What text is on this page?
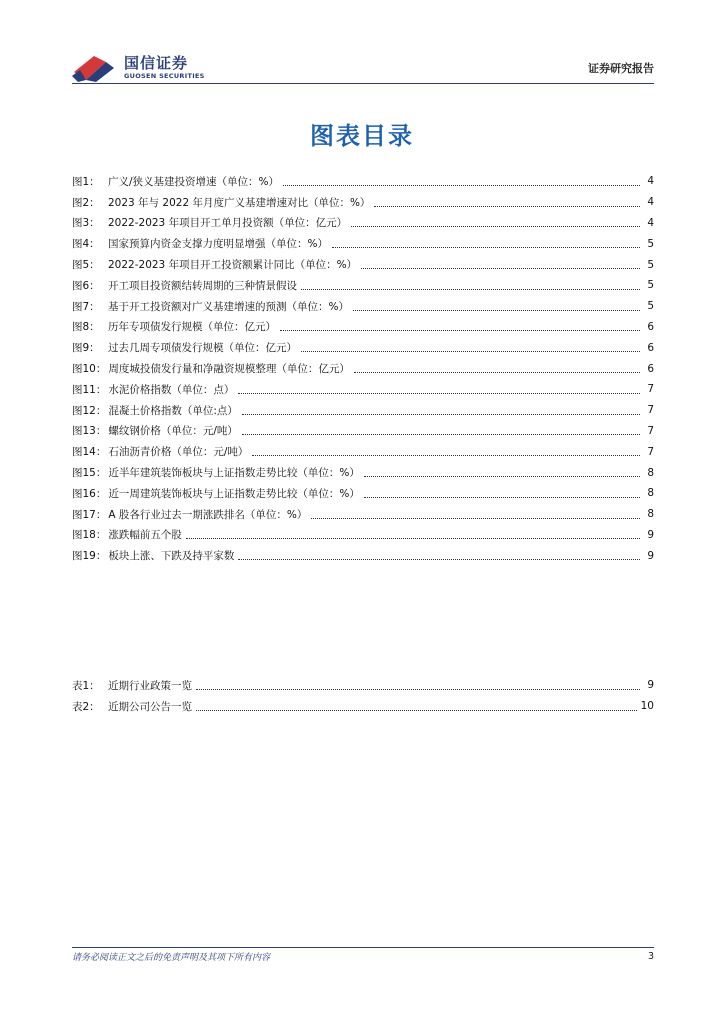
国信证券
GUOSEN SECURITIES
证券研究报告
图表目录
图1： 广义/狭义基建投资增速（单位：%）	4
图2： 2023 年与 2022 年月度广义基建增速对比（单位：%）	4
图3： 2022-2023 年项目开工单月投资额（单位：亿元）	4
图4： 国家预算内资金支撑力度明显增强（单位：%）	5
图5： 2022-2023 年项目开工投资额累计同比（单位：%）	5
图6： 开工项目投资额结转周期的三种情景假设	5
图7： 基于开工投资额对广义基建增速的预测（单位：%）	5
图8： 历年专项债发行规模（单位：亿元）	6
图9： 过去几周专项债发行规模（单位：亿元）	6
图10： 周度城投债发行量和净融资规模整理（单位：亿元）	6
图11： 水泥价格指数（单位：点）	7
图12： 混凝土价格指数（单位:点）	7
图13： 螺纹钢价格（单位：元/吨）	7
图14： 石油沥青价格（单位：元/吨）	7
图15： 近半年建筑装饰板块与上证指数走势比较（单位：%）	8
图16： 近一周建筑装饰板块与上证指数走势比较（单位：%）	8
图17： A 股各行业过去一期涨跌排名（单位：%）	8
图18： 涨跌幅前五个股	9
图19： 板块上涨、下跌及持平家数	9
表1： 近期行业政策一览	9
表2： 近期公司公告一览	10
请务必阅读正文之后的免责声明及其项下所有内容	3
